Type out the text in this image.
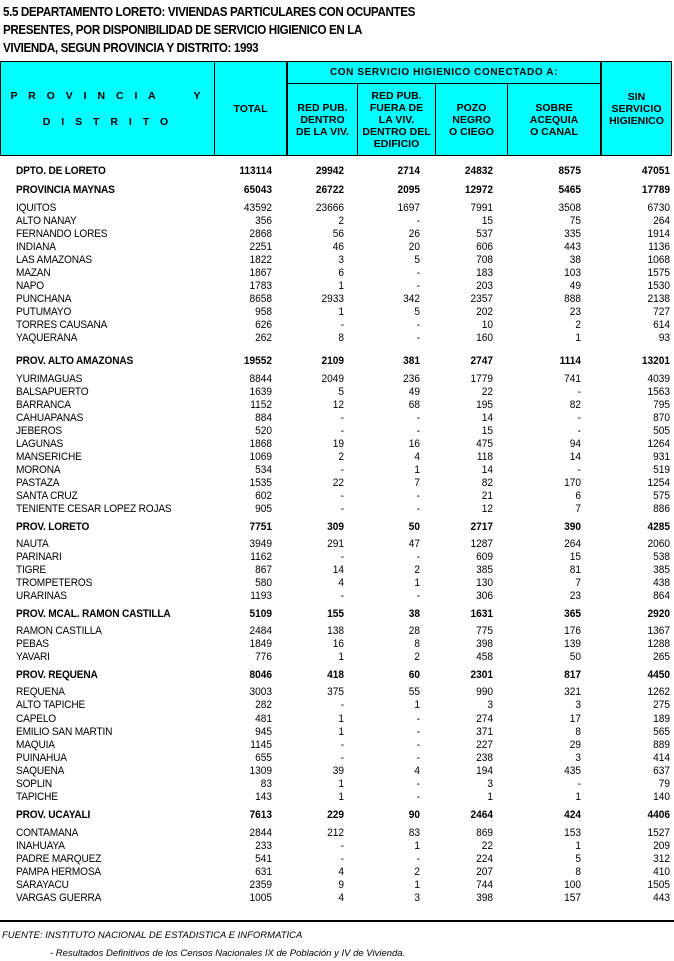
5.5 DEPARTAMENTO LORETO: VIVIENDAS PARTICULARES CON OCUPANTES
PRESENTES, POR DISPONIBILIDAD DE SERVICIO HIGIENICO EN LA
VIVIENDA, SEGUN PROVINCIA Y DISTRITO: 1993
P R O V I N C I A     Y
D I S T R I T O
TOTAL
CON SERVICIO HIGIENICO CONECTADO A:
RED PUB.
DENTRO
DE LA VIV.
RED PUB.
FUERA DE
LA VIV.
DENTRO DEL
EDIFICIO
POZO
NEGRO
O CIEGO
SOBRE
ACEQUIA
O CANAL
SIN
SERVICIO
HIGIENICO
DPTO. DE LORETO	113114	29942	2714	24832	8575	47051
PROVINCIA MAYNAS	65043	26722	2095	12972	5465	17789
IQUITOS	43592	23666	1697	7991	3508	6730
ALTO NANAY	356	2	-	15	75	264
FERNANDO LORES	2868	56	26	537	335	1914
INDIANA	2251	46	20	606	443	1136
LAS AMAZONAS	1822	3	5	708	38	1068
MAZAN	1867	6	-	183	103	1575
NAPO	1783	1	-	203	49	1530
PUNCHANA	8658	2933	342	2357	888	2138
PUTUMAYO	958	1	5	202	23	727
TORRES CAUSANA	626	-	-	10	2	614
YAQUERANA	262	8	-	160	1	93
PROV. ALTO AMAZONAS	19552	2109	381	2747	1114	13201
YURIMAGUAS	8844	2049	236	1779	741	4039
BALSAPUERTO	1639	5	49	22	-	1563
BARRANCA	1152	12	68	195	82	795
CAHUAPANAS	884	-	-	14	-	870
JEBEROS	520	-	-	15	-	505
LAGUNAS	1868	19	16	475	94	1264
MANSERICHE	1069	2	4	118	14	931
MORONA	534	-	1	14	-	519
PASTAZA	1535	22	7	82	170	1254
SANTA CRUZ	602	-	-	21	6	575
TENIENTE CESAR LOPEZ ROJAS	905	-	-	12	7	886
PROV. LORETO	7751	309	50	2717	390	4285
NAUTA	3949	291	47	1287	264	2060
PARINARI	1162	-	-	609	15	538
TIGRE	867	14	2	385	81	385
TROMPETEROS	580	4	1	130	7	438
URARINAS	1193	-	-	306	23	864
PROV. MCAL. RAMON CASTILLA	5109	155	38	1631	365	2920
RAMON CASTILLA	2484	138	28	775	176	1367
PEBAS	1849	16	8	398	139	1288
YAVARI	776	1	2	458	50	265
PROV. REQUENA	8046	418	60	2301	817	4450
REQUENA	3003	375	55	990	321	1262
ALTO TAPICHE	282	-	1	3	3	275
CAPELO	481	1	-	274	17	189
EMILIO SAN MARTIN	945	1	-	371	8	565
MAQUIA	1145	-	-	227	29	889
PUINAHUA	655	-	-	238	3	414
SAQUENA	1309	39	4	194	435	637
SOPLIN	83	1	-	3	-	79
TAPICHE	143	1	-	1	1	140
PROV. UCAYALI	7613	229	90	2464	424	4406
CONTAMANA	2844	212	83	869	153	1527
INAHUAYA	233	-	1	22	1	209
PADRE MARQUEZ	541	-	-	224	5	312
PAMPA HERMOSA	631	4	2	207	8	410
SARAYACU	2359	9	1	744	100	1505
VARGAS GUERRA	1005	4	3	398	157	443
FUENTE: INSTITUTO NACIONAL DE ESTADISTICA E INFORMATICA
- Resultados Definitivos de los Censos Nacionales IX de Población y IV de Vivienda.
